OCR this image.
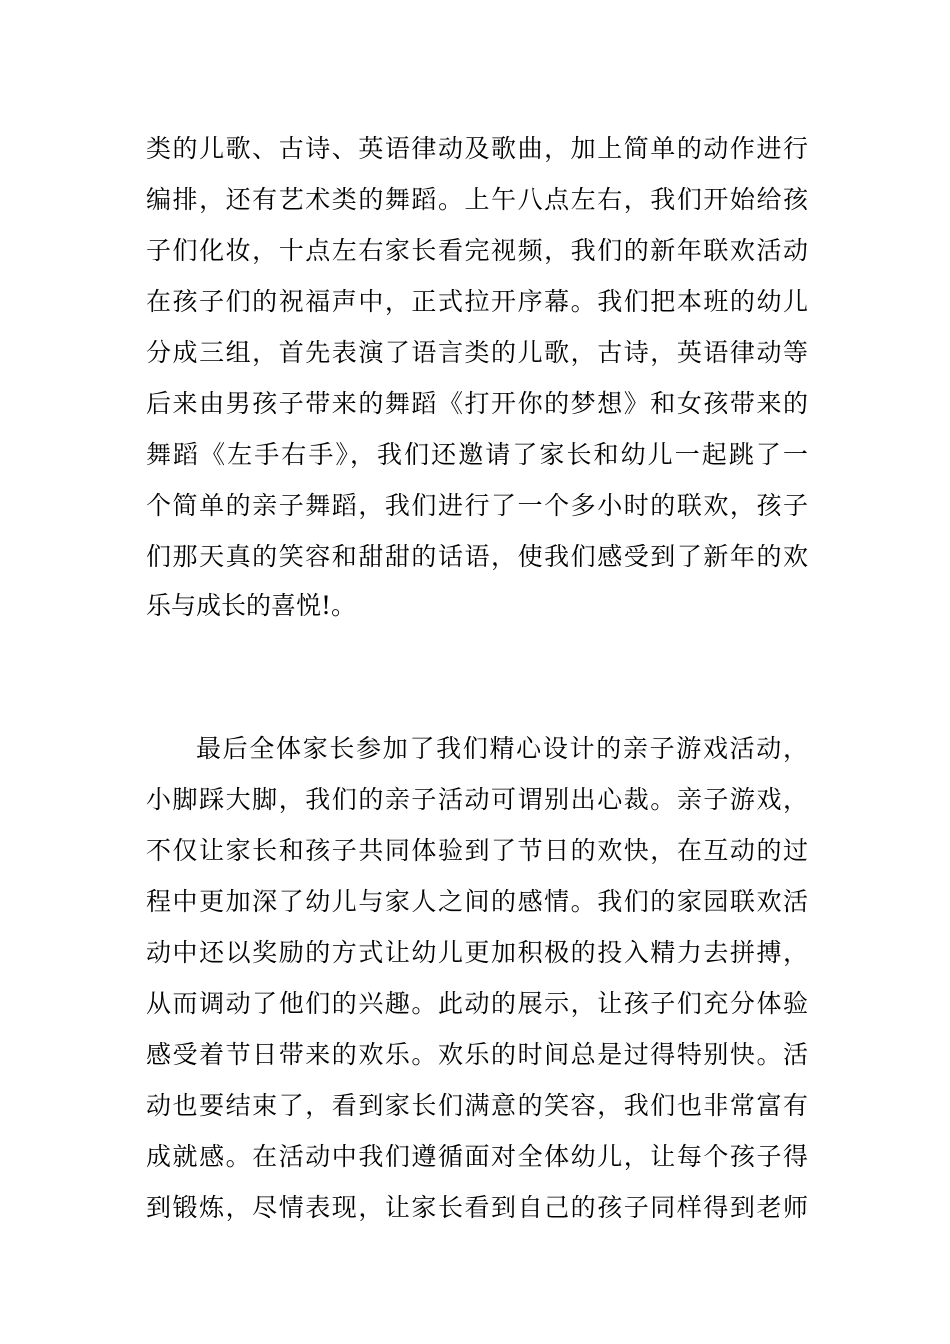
类的儿歌、古诗、英语律动及歌曲，加上简单的动作进行
编排，还有艺术类的舞蹈。上午八点左右，我们开始给孩
子们化妆，十点左右家长看完视频，我们的新年联欢活动
在孩子们的祝福声中，正式拉开序幕。我们把本班的幼儿
分成三组，首先表演了语言类的儿歌，古诗，英语律动等
后来由男孩子带来的舞蹈《打开你的梦想》和女孩带来的
舞蹈《左手右手》，我们还邀请了家长和幼儿一起跳了一
个简单的亲子舞蹈，我们进行了一个多小时的联欢，孩子
们那天真的笑容和甜甜的话语，使我们感受到了新年的欢
乐与成长的喜悦!。
最后全体家长参加了我们精心设计的亲子游戏活动，
小脚踩大脚，我们的亲子活动可谓别出心裁。亲子游戏，
不仅让家长和孩子共同体验到了节日的欢快，在互动的过
程中更加深了幼儿与家人之间的感情。我们的家园联欢活
动中还以奖励的方式让幼儿更加积极的投入精力去拼搏，
从而调动了他们的兴趣。此动的展示，让孩子们充分体验
感受着节日带来的欢乐。欢乐的时间总是过得特别快。活
动也要结束了，看到家长们满意的笑容，我们也非常富有
成就感。在活动中我们遵循面对全体幼儿，让每个孩子得
到锻炼，尽情表现，让家长看到自己的孩子同样得到老师
